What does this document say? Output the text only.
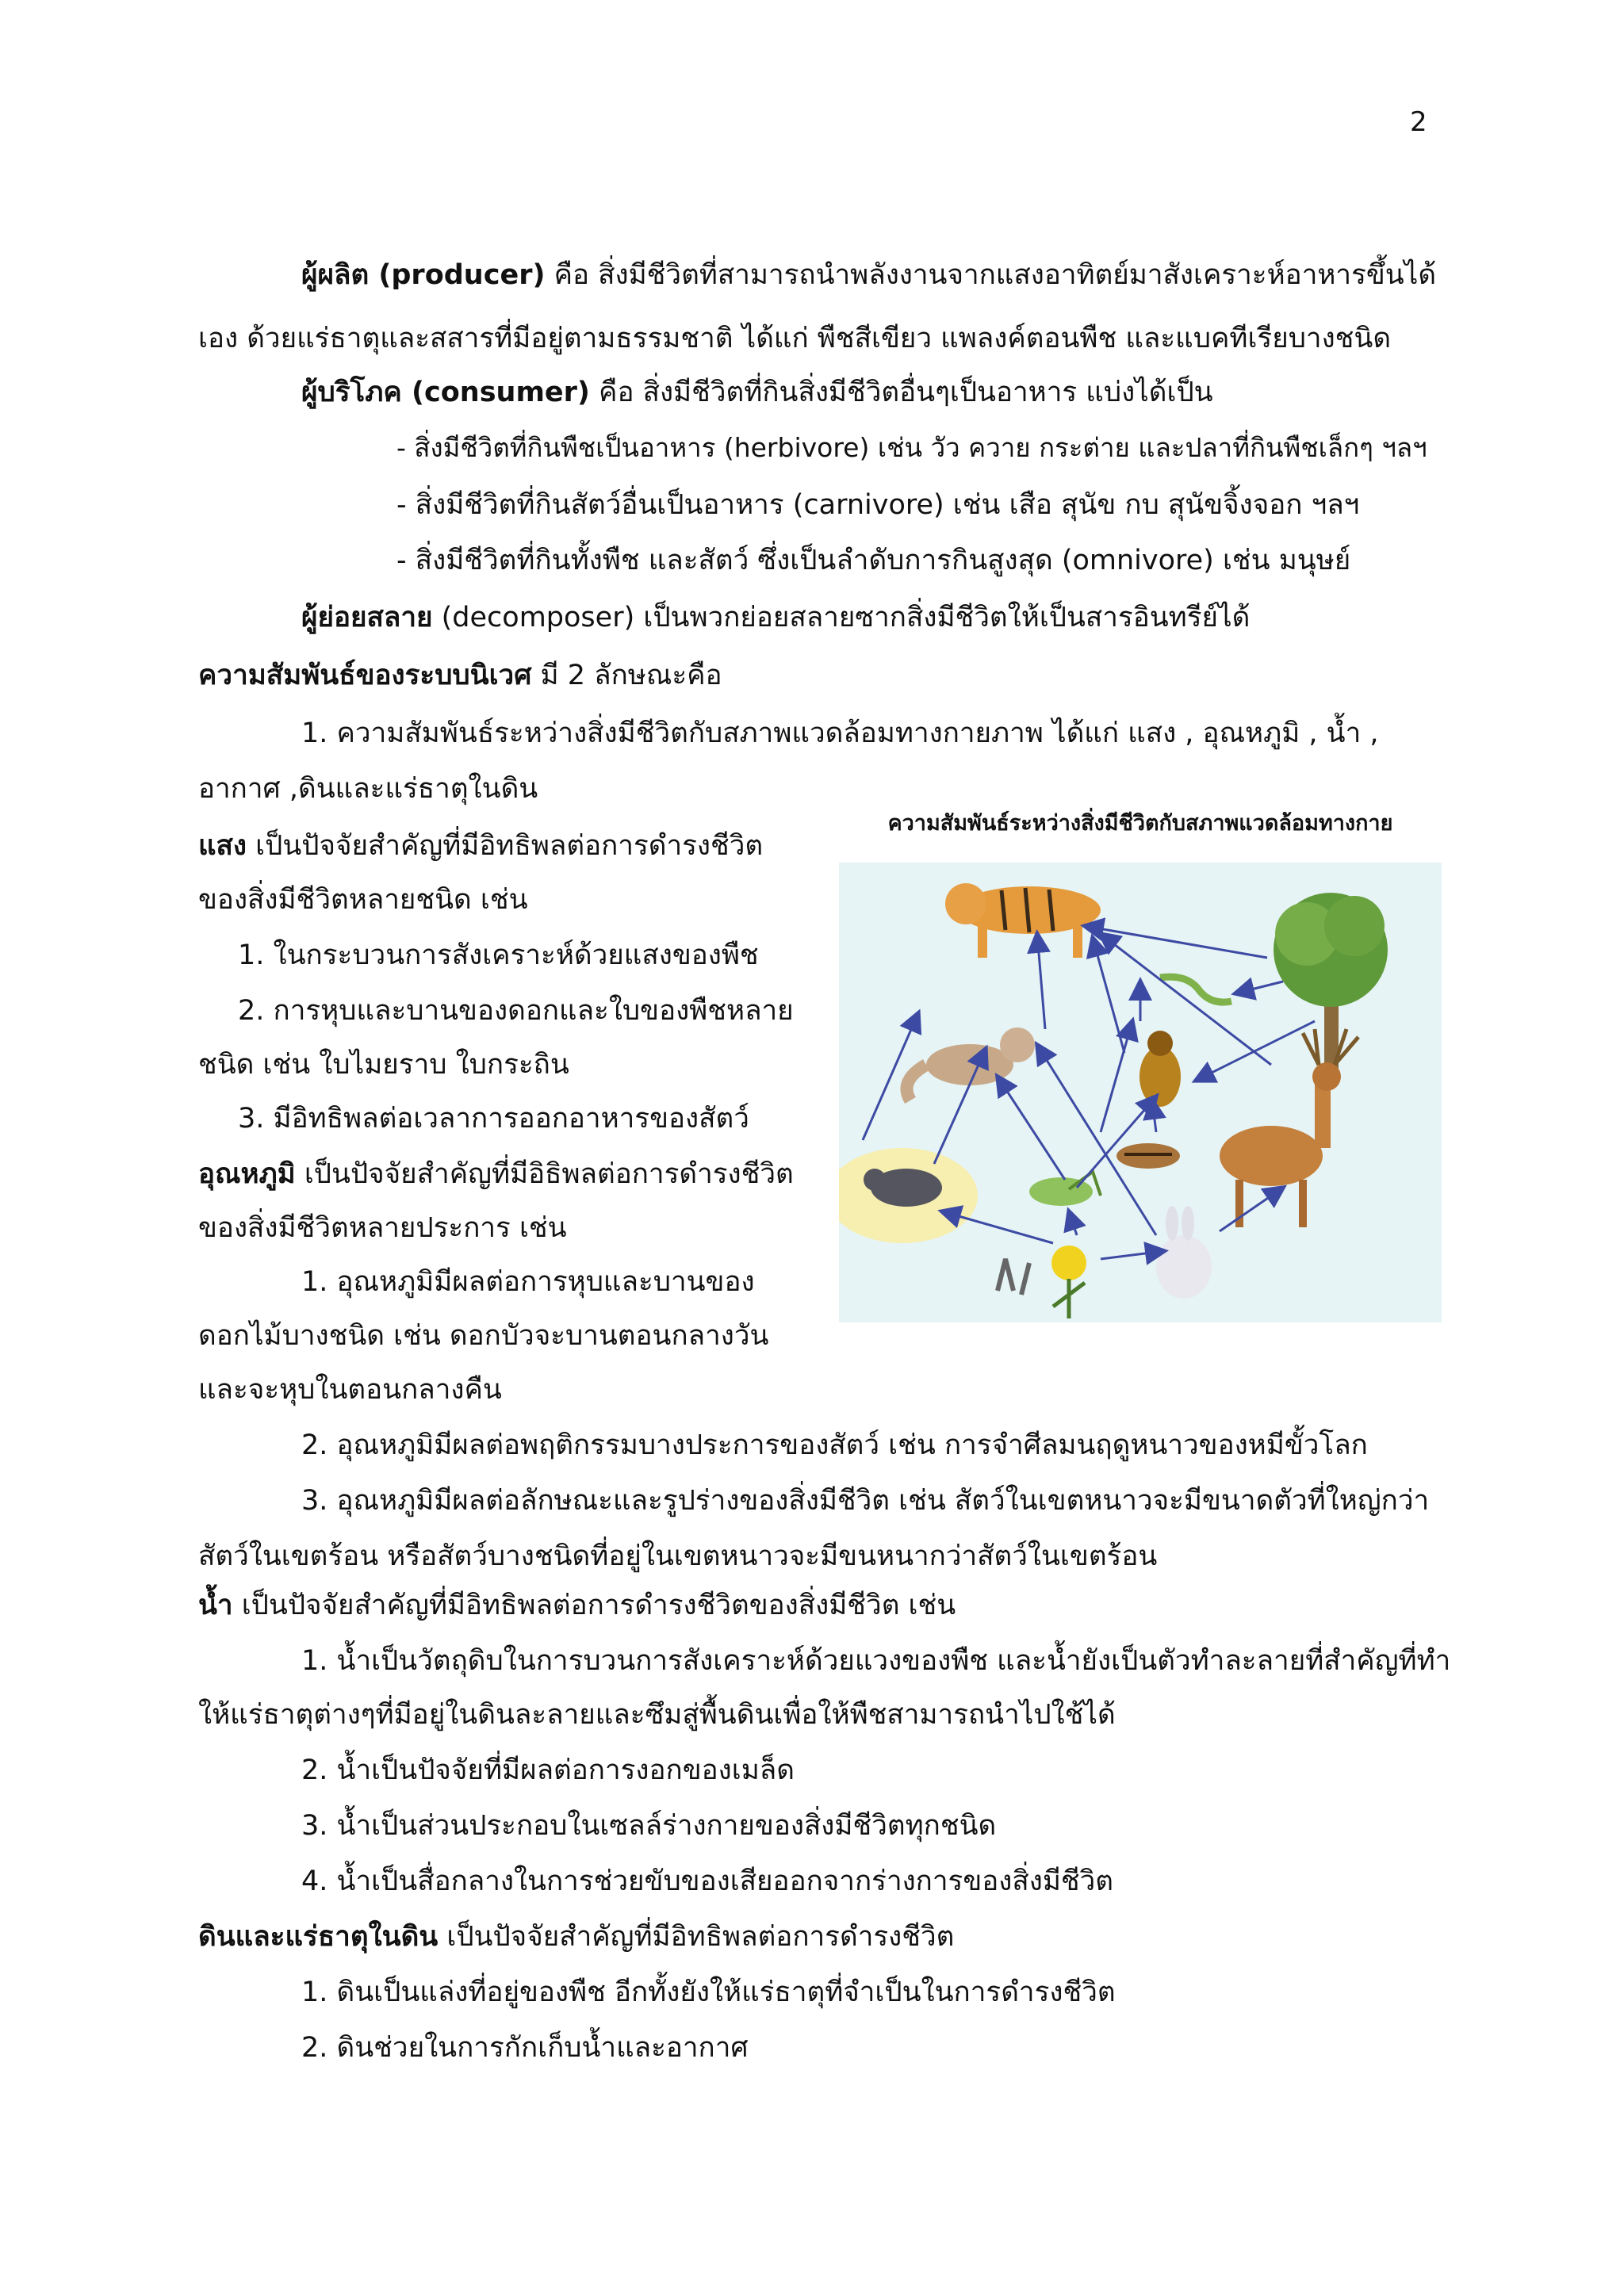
2
ผู้ผลิต (producer) คือ สิ่งมีชีวิตที่สามารถนำพลังงานจากแสงอาทิตย์มาสังเคราะห์อาหารขึ้นได้
เอง ด้วยแร่ธาตุและสสารที่มีอยู่ตามธรรมชาติ ได้แก่ พืชสีเขียว แพลงค์ตอนพืช และแบคทีเรียบางชนิด
ผู้บริโภค (consumer) คือ สิ่งมีชีวิตที่กินสิ่งมีชีวิตอื่นๆเป็นอาหาร แบ่งได้เป็น
- สิ่งมีชีวิตที่กินพืชเป็นอาหาร (herbivore) เช่น วัว ควาย กระต่าย และปลาที่กินพืชเล็กๆ ฯลฯ
- สิ่งมีชีวิตที่กินสัตว์อื่นเป็นอาหาร (carnivore) เช่น เสือ สุนัข กบ สุนัขจิ้งจอก ฯลฯ
- สิ่งมีชีวิตที่กินทั้งพืช และสัตว์ ซึ่งเป็นลำดับการกินสูงสุด (omnivore) เช่น มนุษย์
ผู้ย่อยสลาย (decomposer) เป็นพวกย่อยสลายซากสิ่งมีชีวิตให้เป็นสารอินทรีย์ได้
ความสัมพันธ์ของระบบนิเวศ มี 2 ลักษณะคือ
1. ความสัมพันธ์ระหว่างสิ่งมีชีวิตกับสภาพแวดล้อมทางกายภาพ ได้แก่ แสง , อุณหภูมิ , น้ำ ,
อากาศ ,ดินและแร่ธาตุในดิน
แสง เป็นปัจจัยสำคัญที่มีอิทธิพลต่อการดำรงชีวิต
ของสิ่งมีชีวิตหลายชนิด เช่น
1. ในกระบวนการสังเคราะห์ด้วยแสงของพืช
2. การหุบและบานของดอกและใบของพืชหลาย
ชนิด เช่น ใบไมยราบ ใบกระถิน
3. มีอิทธิพลต่อเวลาการออกอาหารของสัตว์
อุณหภูมิ เป็นปัจจัยสำคัญที่มีอิธิพลต่อการดำรงชีวิต
ของสิ่งมีชีวิตหลายประการ เช่น
1. อุณหภูมิมีผลต่อการหุบและบานของ
ดอกไม้บางชนิด เช่น ดอกบัวจะบานตอนกลางวัน
และจะหุบในตอนกลางคืน
2. อุณหภูมิมีผลต่อพฤติกรรมบางประการของสัตว์ เช่น การจำศีลมนฤดูหนาวของหมีขั้วโลก
3. อุณหภูมิมีผลต่อลักษณะและรูปร่างของสิ่งมีชีวิต เช่น สัตว์ในเขตหนาวจะมีขนาดตัวที่ใหญ่กว่า
สัตว์ในเขตร้อน หรือสัตว์บางชนิดที่อยู่ในเขตหนาวจะมีขนหนากว่าสัตว์ในเขตร้อน
น้ำ เป็นปัจจัยสำคัญที่มีอิทธิพลต่อการดำรงชีวิตของสิ่งมีชีวิต เช่น
1. น้ำเป็นวัตถุดิบในการบวนการสังเคราะห์ด้วยแวงของพืช และน้ำยังเป็นตัวทำละลายที่สำคัญที่ทำ
ให้แร่ธาตุต่างๆที่มีอยู่ในดินละลายและซึมสู่พื้นดินเพื่อให้พืชสามารถนำไปใช้ได้
2. น้ำเป็นปัจจัยที่มีผลต่อการงอกของเมล็ด
3. น้ำเป็นส่วนประกอบในเซลล์ร่างกายของสิ่งมีชีวิตทุกชนิด
4. น้ำเป็นสื่อกลางในการช่วยขับของเสียออกจากร่างการของสิ่งมีชีวิต
ดินและแร่ธาตุในดิน เป็นปัจจัยสำคัญที่มีอิทธิพลต่อการดำรงชีวิต
1. ดินเป็นแล่งที่อยู่ของพืช อีกทั้งยังให้แร่ธาตุที่จำเป็นในการดำรงชีวิต
2. ดินช่วยในการกักเก็บน้ำและอากาศ
ความสัมพันธ์ระหว่างสิ่งมีชีวิตกับสภาพแวดล้อมทางกาย
